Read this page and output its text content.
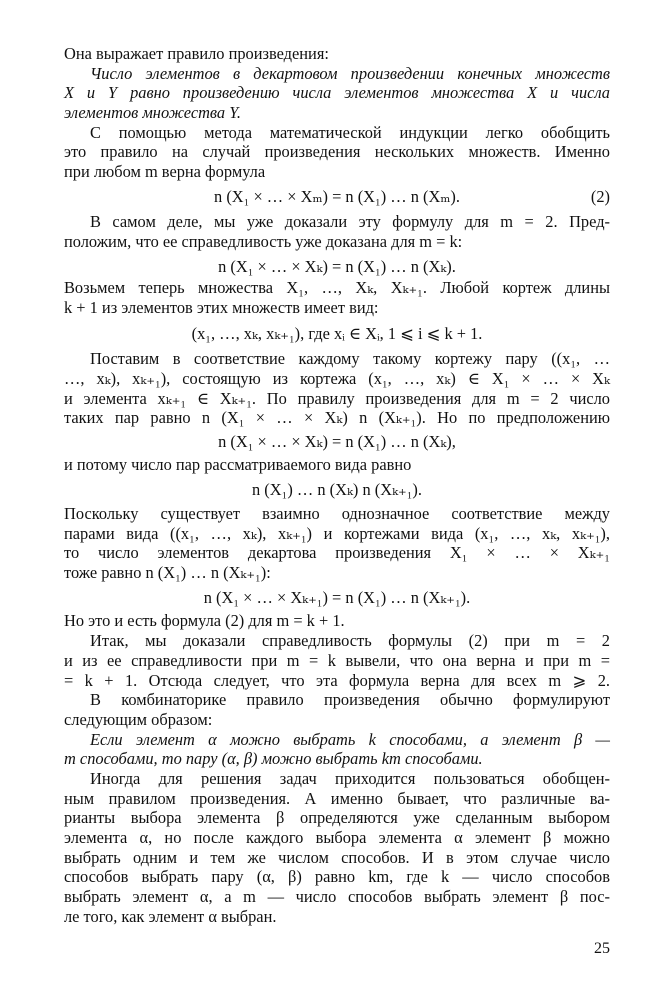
Она выражает правило произведения:
Число элементов в декартовом произведении конечных множеств
X и Y равно произведению числа элементов множества X и числа
элементов множества Y.
С помощью метода математической индукции легко обобщить
это правило на случай произведения нескольких множеств. Именно
при любом m верна формула
n (X₁ × … × Xₘ) = n (X₁) … n (Xₘ).	(2)
В самом деле, мы уже доказали эту формулу для m = 2. Пред-
положим, что ее справедливость уже доказана для m = k:
n (X₁ × … × Xₖ) = n (X₁) … n (Xₖ).
Возьмем теперь множества X₁, …, Xₖ, Xₖ₊₁. Любой кортеж длины
k + 1 из элементов этих множеств имеет вид:
(x₁, …, xₖ, xₖ₊₁), где xᵢ ∈ Xᵢ, 1 ⩽ i ⩽ k + 1.
Поставим в соответствие каждому такому кортежу пару ((x₁, …
…, xₖ), xₖ₊₁), состоящую из кортежа (x₁, …, xₖ) ∈ X₁ × … × Xₖ
и элемента xₖ₊₁ ∈ Xₖ₊₁. По правилу произведения для m = 2 число
таких пар равно n (X₁ × … × Xₖ) n (Xₖ₊₁). Но по предположению
n (X₁ × … × Xₖ) = n (X₁) … n (Xₖ),
и потому число пар рассматриваемого вида равно
n (X₁) … n (Xₖ) n (Xₖ₊₁).
Поскольку существует взаимно однозначное соответствие между
парами вида ((x₁, …, xₖ), xₖ₊₁) и кортежами вида (x₁, …, xₖ, xₖ₊₁),
то число элементов декартова произведения X₁ × … × Xₖ₊₁
тоже равно n (X₁) … n (Xₖ₊₁):
n (X₁ × … × Xₖ₊₁) = n (X₁) … n (Xₖ₊₁).
Но это и есть формула (2) для m = k + 1.
Итак, мы доказали справедливость формулы (2) при m = 2
и из ее справедливости при m = k вывели, что она верна и при m =
= k + 1. Отсюда следует, что эта формула верна для всех m ⩾ 2.
В комбинаторике правило произведения обычно формулируют
следующим образом:
Если элемент α можно выбрать k способами, а элемент β —
m способами, то пару (α, β) можно выбрать km способами.
Иногда для решения задач приходится пользоваться обобщен-
ным правилом произведения. А именно бывает, что различные ва-
рианты выбора элемента β определяются уже сделанным выбором
элемента α, но после каждого выбора элемента α элемент β можно
выбрать одним и тем же числом способов. И в этом случае число
способов выбрать пару (α, β) равно km, где k — число способов
выбрать элемент α, а m — число способов выбрать элемент β пос-
ле того, как элемент α выбран.
25
